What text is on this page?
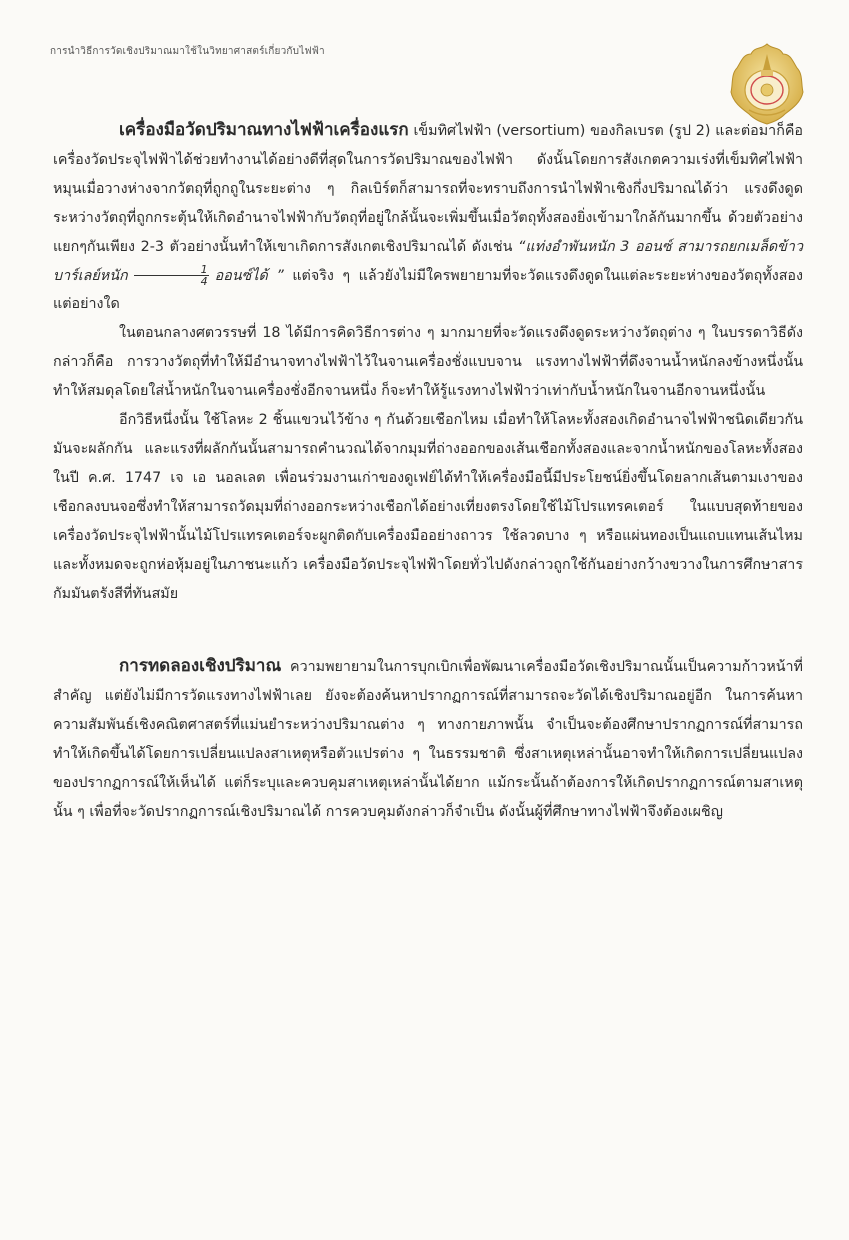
การนำวิธีการวัดเชิงปริมาณมาใช้ในวิทยาศาสตร์เกี่ยวกับไฟฟ้า

เครื่องมือวัดปริมาณทางไฟฟ้าเครื่องแรก เข็มทิศไฟฟ้า (versortium) ของกิลเบรต (รูป 2) และต่อมาก็คือเครื่องวัดประจุไฟฟ้าได้ช่วยทำงานได้อย่างดีที่สุดในการวัดปริมาณของไฟฟ้า ดังนั้นโดยการสังเกตความเร่งที่เข็มทิศไฟฟ้าหมุนเมื่อวางห่างจากวัตถุที่ถูกถูในระยะต่าง ๆ กิลเบิร์ตก็สามารถที่จะทราบถึงการนำไฟฟ้าเชิงกึ่งปริมาณได้ว่า แรงดึงดูดระหว่างวัตถุที่ถูกกระตุ้นให้เกิดอำนาจไฟฟ้ากับวัตถุที่อยู่ใกล้นั้นจะเพิ่มขึ้นเมื่อวัตถุทั้งสองยิ่งเข้ามาใกล้กันมากขึ้น ด้วยตัวอย่างแยกๆกันเพียง 2-3 ตัวอย่างนั้นทำให้เขาเกิดการสังเกตเชิงปริมาณได้ ดังเช่น “แท่งอำพันหนัก 3 ออนซ์ สามารถยกเมล็ดข้าวบาร์เลย์หนัก $\frac{1}{4}$ ออนซ์ได้ ” แต่จริง ๆ แล้วยังไม่มีใครพยายามที่จะวัดแรงดึงดูดในแต่ละระยะห่างของวัตถุทั้งสองแต่อย่างใด

ในตอนกลางศตวรรษที่ 18 ได้มีการคิดวิธีการต่าง ๆ มากมายที่จะวัดแรงดึงดูดระหว่างวัตถุต่าง ๆ ในบรรดาวิธีดังกล่าวก็คือ การวางวัตถุที่ทำให้มีอำนาจทางไฟฟ้าไว้ในจานเครื่องชั่งแบบจาน แรงทางไฟฟ้าที่ดึงจานน้ำหนักลงข้างหนึ่งนั้น ทำให้สมดุลโดยใส่น้ำหนักในจานเครื่องชั่งอีกจานหนึ่ง ก็จะทำให้รู้แรงทางไฟฟ้าว่าเท่ากับน้ำหนักในจานอีกจานหนึ่งนั้น

อีกวิธีหนึ่งนั้น ใช้โลหะ 2 ชิ้นแขวนไว้ข้าง ๆ กันด้วยเชือกไหม เมื่อทำให้โลหะทั้งสองเกิดอำนาจไฟฟ้าชนิดเดียวกันมันจะผลักกัน และแรงที่ผลักกันนั้นสามารถคำนวณได้จากมุมที่ถ่างออกของเส้นเชือกทั้งสองและจากน้ำหนักของโลหะทั้งสอง ในปี ค.ศ. 1747 เจ เอ นอลเลต เพื่อนร่วมงานเก่าของดูเฟย์ได้ทำให้เครื่องมือนี้มีประโยชน์ยิ่งขึ้นโดยลากเส้นตามเงาของเชือกลงบนจอซึ่งทำให้สามารถวัดมุมที่ถ่างออกระหว่างเชือกได้อย่างเที่ยงตรงโดยใช้ไม้โปรแทรคเตอร์ ในแบบสุดท้ายของเครื่องวัดประจุไฟฟ้านั้นไม้โปรแทรคเตอร์จะผูกติดกับเครื่องมืออย่างถาวร ใช้ลวดบาง ๆ หรือแผ่นทองเป็นแถบแทนเส้นไหม และทั้งหมดจะถูกห่อหุ้มอยู่ในภาชนะแก้ว เครื่องมือวัดประจุไฟฟ้าโดยทั่วไปดังกล่าวถูกใช้กันอย่างกว้างขวางในการศึกษาสารกัมมันตรังสีที่ทันสมัย

การทดลองเชิงปริมาณ ความพยายามในการบุกเบิกเพื่อพัฒนาเครื่องมือวัดเชิงปริมาณนั้นเป็นความก้าวหน้าที่สำคัญ แต่ยังไม่มีการวัดแรงทางไฟฟ้าเลย ยังจะต้องค้นหาปรากฏการณ์ที่สามารถจะวัดได้เชิงปริมาณอยู่อีก ในการค้นหาความสัมพันธ์เชิงคณิตศาสตร์ที่แม่นยำระหว่างปริมาณต่าง ๆ ทางกายภาพนั้น จำเป็นจะต้องศึกษาปรากฏการณ์ที่สามารถทำให้เกิดขึ้นได้โดยการเปลี่ยนแปลงสาเหตุหรือตัวแปรต่าง ๆ ในธรรมชาติ ซึ่งสาเหตุเหล่านั้นอาจทำให้เกิดการเปลี่ยนแปลงของปรากฏการณ์ให้เห็นได้ แต่ก็ระบุและควบคุมสาเหตุเหล่านั้นได้ยาก แม้กระนั้นถ้าต้องการให้เกิดปรากฏการณ์ตามสาเหตุนั้น ๆ เพื่อที่จะวัดปรากฏการณ์เชิงปริมาณได้ การควบคุมดังกล่าวก็จำเป็น ดังนั้นผู้ที่ศึกษาทางไฟฟ้าจึงต้องเผชิญ
